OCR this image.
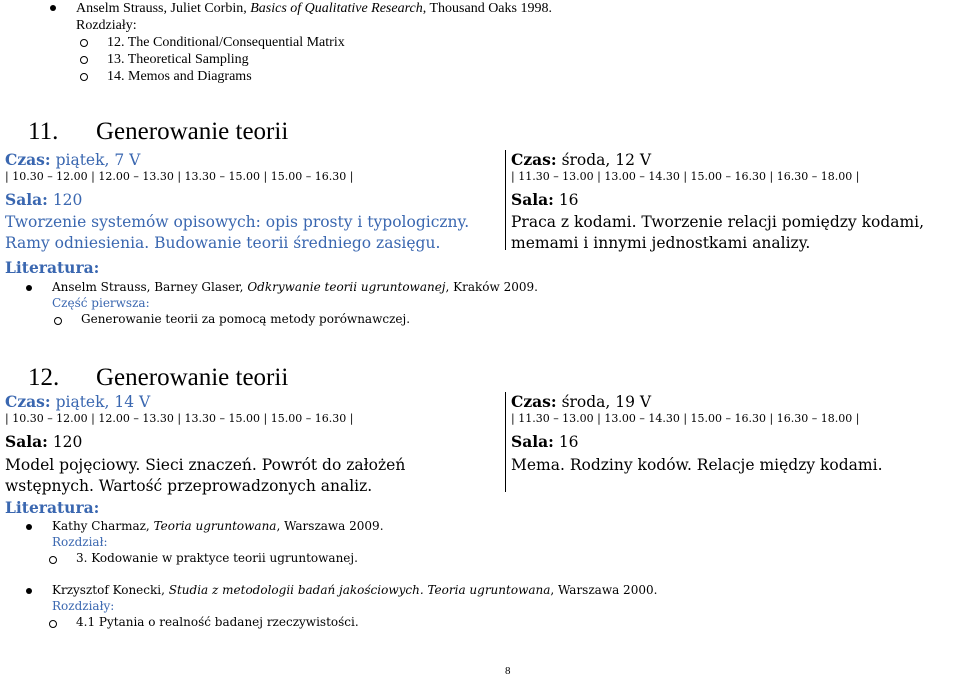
Anselm Strauss, Juliet Corbin, Basics of Qualitative Research, Thousand Oaks 1998.
Rozdziały:
12. The Conditional/Consequential Matrix
13. Theoretical Sampling
14. Memos and Diagrams
11. Generowanie teorii
Czas: piątek, 7 V
| 10.30 – 12.00 | 12.00 – 13.30 | 13.30 – 15.00 | 15.00 – 16.30 |
Sala: 120
Tworzenie systemów opisowych: opis prosty i typologiczny. Ramy odniesienia. Budowanie teorii średniego zasięgu.
Czas: środa, 12 V
| 11.30 – 13.00 | 13.00 – 14.30 | 15.00 – 16.30 | 16.30 – 18.00 |
Sala: 16
Praca z kodami. Tworzenie relacji pomiędzy kodami, memami i innymi jednostkami analizy.
Literatura:
Anselm Strauss, Barney Glaser, Odkrywanie teorii ugruntowanej, Kraków 2009.
Część pierwsza:
Generowanie teorii za pomocą metody porównawczej.
12. Generowanie teorii
Czas: piątek, 14 V
| 10.30 – 12.00 | 12.00 – 13.30 | 13.30 – 15.00 | 15.00 – 16.30 |
Sala: 120
Model pojęciowy. Sieci znaczeń. Powrót do założeń wstępnych. Wartość przeprowadzonych analiz.
Czas: środa, 19 V
| 11.30 – 13.00 | 13.00 – 14.30 | 15.00 – 16.30 | 16.30 – 18.00 |
Sala: 16
Mema. Rodziny kodów. Relacje między kodami.
Literatura:
Kathy Charmaz, Teoria ugruntowana, Warszawa 2009.
Rozdział:
3. Kodowanie w praktyce teorii ugruntowanej.
Krzysztof Konecki, Studia z metodologii badań jakościowych. Teoria ugruntowana, Warszawa 2000.
Rozdziały:
4.1 Pytania o realność badanej rzeczywistości.
8
